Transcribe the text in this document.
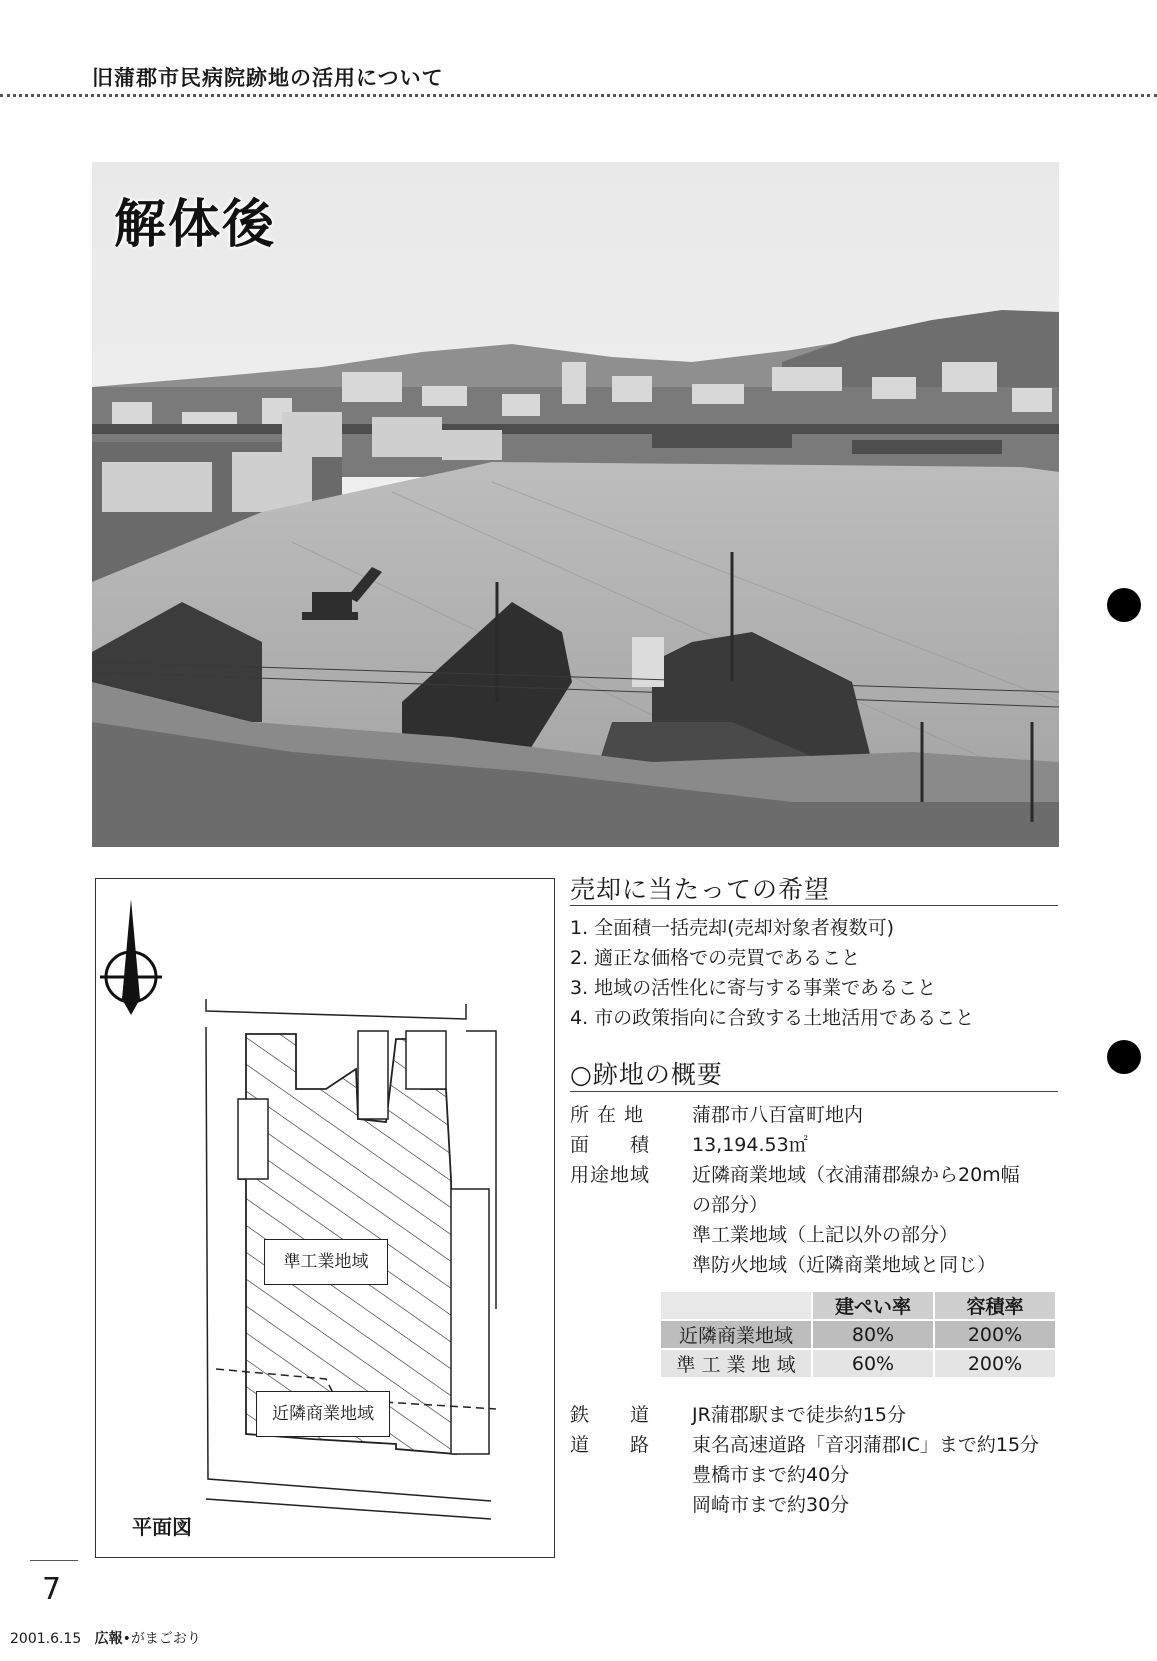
旧蒲郡市民病院跡地の活用について
解体後
準工業地域
近隣商業地域
平面図
売却に当たっての希望
1. 全面積一括売却(売却対象者複数可)
2. 適正な価格での売買であること
3. 地域の活性化に寄与する事業であること
4. 市の政策指向に合致する土地活用であること
○跡地の概要
所 在 地	蒲郡市八百富町地内
面　　積 13,194.53㎡
用途地域 近隣商業地域（衣浦蒲郡線から20m幅
の部分）
準工業地域（上記以外の部分）
準防火地域（近隣商業地域と同じ）
	建ぺい率	容積率
近隣商業地域	80%	200%
準 工 業 地 域	60%	200%
鉄　　道 JR蒲郡駅まで徒歩約15分
道　　路 東名高速道路「音羽蒲郡IC」まで約15分
豊橋市まで約40分
岡崎市まで約30分
7
2001.6.15 広報•がまごおり
